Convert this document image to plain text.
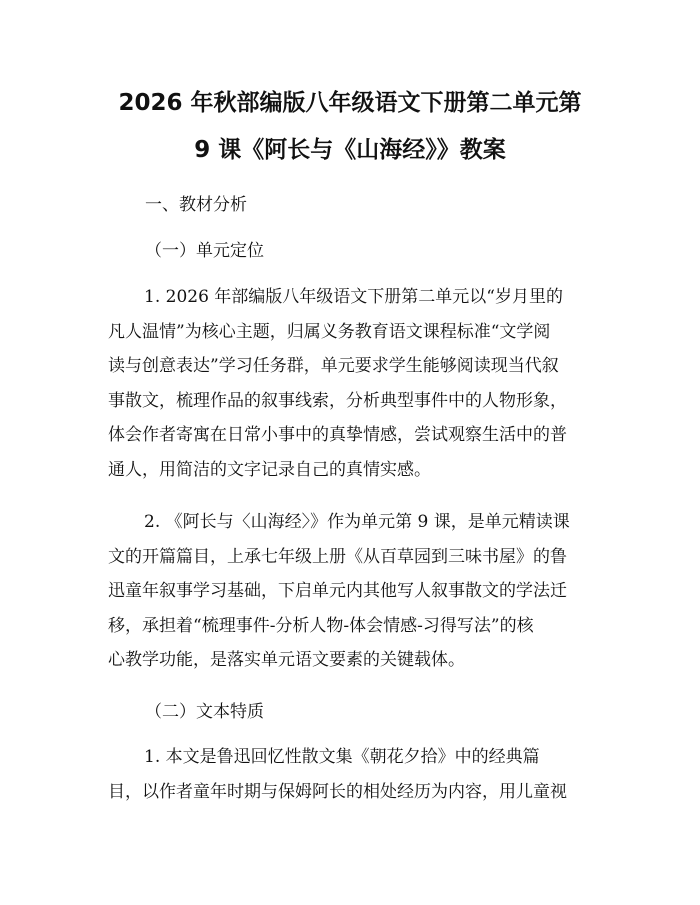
2026 年秋部编版八年级语文下册第二单元第
9 课《阿长与《山海经》》教案

一、教材分析

（一）单元定位

1. 2026 年部编版八年级语文下册第二单元以“岁月里的
凡人温情”为核心主题，归属义务教育语文课程标准“文学阅
读与创意表达”学习任务群，单元要求学生能够阅读现当代叙
事散文，梳理作品的叙事线索，分析典型事件中的人物形象，
体会作者寄寓在日常小事中的真挚情感，尝试观察生活中的普
通人，用简洁的文字记录自己的真情实感。
2. 《阿长与〈山海经〉》作为单元第 9 课，是单元精读课
文的开篇篇目，上承七年级上册《从百草园到三味书屋》的鲁
迅童年叙事学习基础，下启单元内其他写人叙事散文的学法迁
移，承担着“梳理事件-分析人物-体会情感-习得写法”的核
心教学功能，是落实单元语文要素的关键载体。

（二）文本特质

1. 本文是鲁迅回忆性散文集《朝花夕拾》中的经典篇
目，以作者童年时期与保姆阿长的相处经历为内容，用儿童视
